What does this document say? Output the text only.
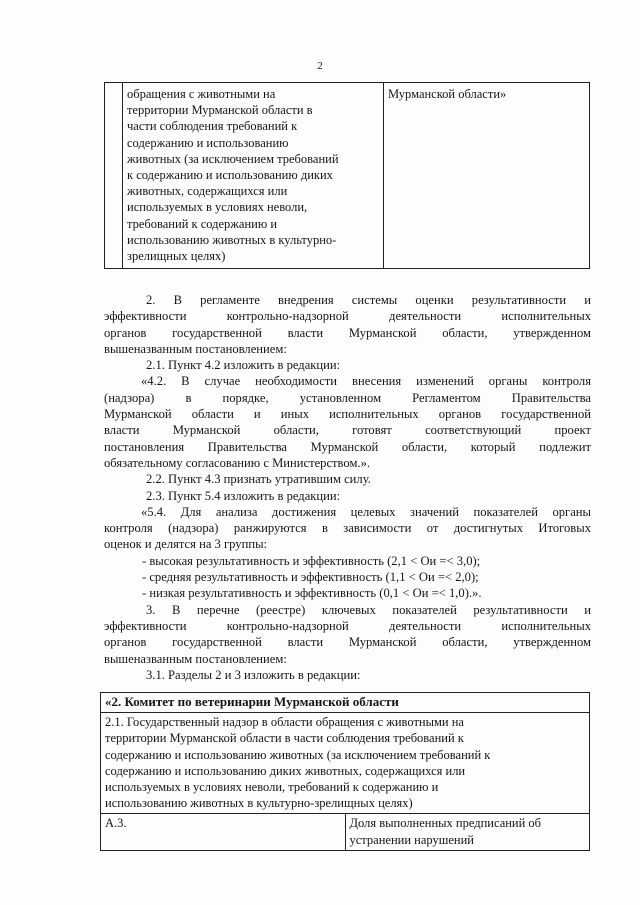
2

обращения с животными на
территории Мурманской области в
части соблюдения требований к
содержанию и использованию
животных (за исключением требований
к содержанию и использованию диких
животных, содержащихся или
используемых в условиях неволи,
требований к содержанию и
использованию животных в культурно-
зрелищных целях)
	Мурманской области»

2. В регламенте внедрения системы оценки результативности и

эффективности контрольно-надзорной деятельности исполнительных

органов государственной власти Мурманской области, утвержденном

вышеназванным постановлением:

2.1. Пункт 4.2 изложить в редакции:

«4.2. В случае необходимости внесения изменений органы контроля

(надзора) в порядке, установленном Регламентом Правительства

Мурманской области и иных исполнительных органов государственной

власти Мурманской области, готовят соответствующий проект

постановления Правительства Мурманской области, который подлежит

обязательному согласованию с Министерством.».

2.2. Пункт 4.3 признать утратившим силу.

2.3. Пункт 5.4 изложить в редакции:

«5.4. Для анализа достижения целевых значений показателей органы

контроля (надзора) ранжируются в зависимости от достигнутых Итоговых

оценок и делятся на 3 группы:

- высокая результативность и эффективность (2,1 < Oи =< 3,0);

- средняя результативность и эффективность (1,1 < Oи =< 2,0);

- низкая результативность и эффективность (0,1 < Oи =< 1,0).».

3. В перечне (реестре) ключевых показателей результативности и

эффективности контрольно-надзорной деятельности исполнительных

органов государственной власти Мурманской области, утвержденном

вышеназванным постановлением:

3.1. Разделы 2 и 3 изложить в редакции:

«2. Комитет по ветеринарии Мурманской области

2.1. Государственный надзор в области обращения с животными на
территории Мурманской области в части соблюдения требований к
содержанию и использованию животных (за исключением требований к
содержанию и использованию диких животных, содержащихся или
используемых в условиях неволи, требований к содержанию и
использованию животных в культурно-зрелищных целях)

А.3.	Доля выполненных предписаний об устранении нарушений
